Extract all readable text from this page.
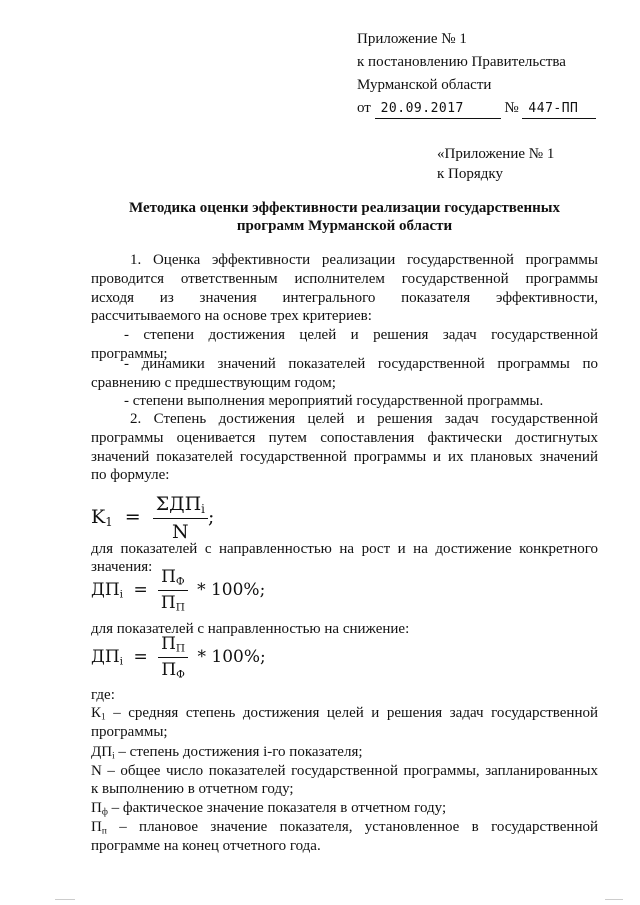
Приложение № 1
к постановлению Правительства
Мурманской области
от 20.09.2017	№ 447-ПП
«Приложение № 1
к Порядку
Методика оценки эффективности реализации государственных
программ Мурманской области
1. Оценка эффективности реализации государственной программы
проводится ответственным исполнителем государственной программы
исходя из значения интегрального показателя эффективности,
рассчитываемого на основе трех критериев:
- степени достижения целей и решения задач государственной
программы;
- динамики значений показателей государственной программы по
сравнению с предшествующим годом;
- степени выполнения мероприятий государственной программы.
2. Степень достижения целей и решения задач государственной
программы оценивается путем сопоставления фактически достигнутых
значений показателей государственной программы и их плановых значений
по формуле:
$K_1 = \frac{\Sigma ДП_i}{N}$ ;
для показателей с направленностью на рост и на достижение конкретного
значения:
$ДП_i = \frac{П_Ф}{П_П} * 100\%$;
для показателей с направленностью на снижение:
$ДП_i = \frac{П_П}{П_Ф} * 100\%$;
где:
$К_1$ – средняя степень достижения целей и решения задач государственной
программы;
$ДП_i$ – степень достижения i-го показателя;
N – общее число показателей государственной программы, запланированных
к выполнению в отчетном году;
$П_ф$ – фактическое значение показателя в отчетном году;
$П_п$ – плановое значение показателя, установленное в государственной
программе на конец отчетного года.
